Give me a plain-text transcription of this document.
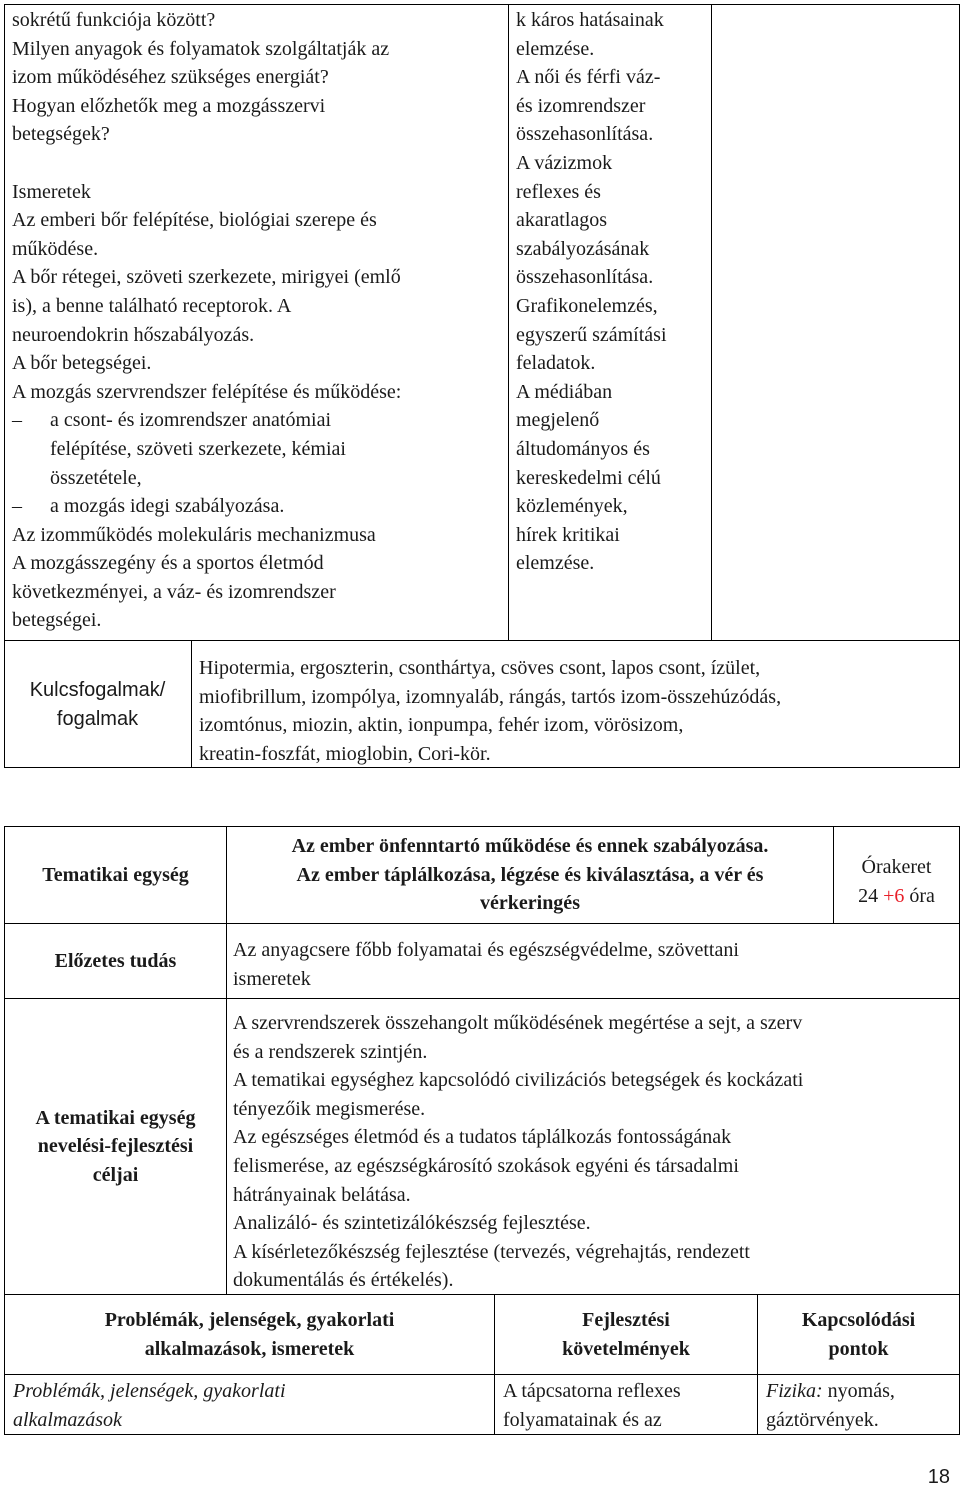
sokrétű funkciója között?
Milyen anyagok és folyamatok szolgáltatják az
izom működéséhez szükséges energiát?
Hogyan előzhetők meg a mozgásszervi
betegségek?
Ismeretek
Az emberi bőr felépítése, biológiai szerepe és
működése.
A bőr rétegei, szöveti szerkezete, mirigyei (emlő
is), a benne található receptorok. A
neuroendokrin hőszabályozás.
A bőr betegségei.
A mozgás szervrendszer felépítése és működése:
– a csont- és izomrendszer anatómiai
felépítése, szöveti szerkezete, kémiai
összetétele,
– a mozgás idegi szabályozása.
Az izomműködés molekuláris mechanizmusa
A mozgásszegény és a sportos életmód
következményei, a váz- és izomrendszer
betegségei.
k káros hatásainak
elemzése.
A női és férfi váz-
és izomrendszer
összehasonlítása.
A vázizmok
reflexes és
akaratlagos
szabályozásának
összehasonlítása.
Grafikonelemzés,
egyszerű számítási
feladatok.
A médiában
megjelenő
áltudományos és
kereskedelmi célú
közlemények,
hírek kritikai
elemzése.
Kulcsfogalmak/
fogalmak
Hipotermia, ergoszterin, csonthártya, csöves csont, lapos csont, ízület,
miofibrillum, izompólya, izomnyaláb, rángás, tartós izom-összehúzódás,
izomtónus, miozin, aktin, ionpumpa, fehér izom, vörösizom,
kreatin-foszfát, mioglobin, Cori-kör.
Tematikai egység
Az ember önfenntartó működése és ennek szabályozása.
Az ember táplálkozása, légzése és kiválasztása, a vér és
vérkeringés
Órakeret
24 +6 óra
Előzetes tudás	Az anyagcsere főbb folyamatai és egészségvédelme, szövettani
ismeretek
A tematikai egység
nevelési-fejlesztési
céljai
A szervrendszerek összehangolt működésének megértése a sejt, a szerv
és a rendszerek szintjén.
A tematikai egységhez kapcsolódó civilizációs betegségek és kockázati
tényezőik megismerése.
Az egészséges életmód és a tudatos táplálkozás fontosságának
felismerése, az egészségkárosító szokások egyéni és társadalmi
hátrányainak belátása.
Analizáló- és szintetizálókészség fejlesztése.
A kísérletezőkészség fejlesztése (tervezés, végrehajtás, rendezett
dokumentálás és értékelés).
Problémák, jelenségek, gyakorlati
alkalmazások, ismeretek
Fejlesztési
követelmények
Kapcsolódási
pontok
Problémák, jelenségek, gyakorlati
alkalmazások
A tápcsatorna reflexes
folyamatainak és az
Fizika: nyomás,
gáztörvények.
18
